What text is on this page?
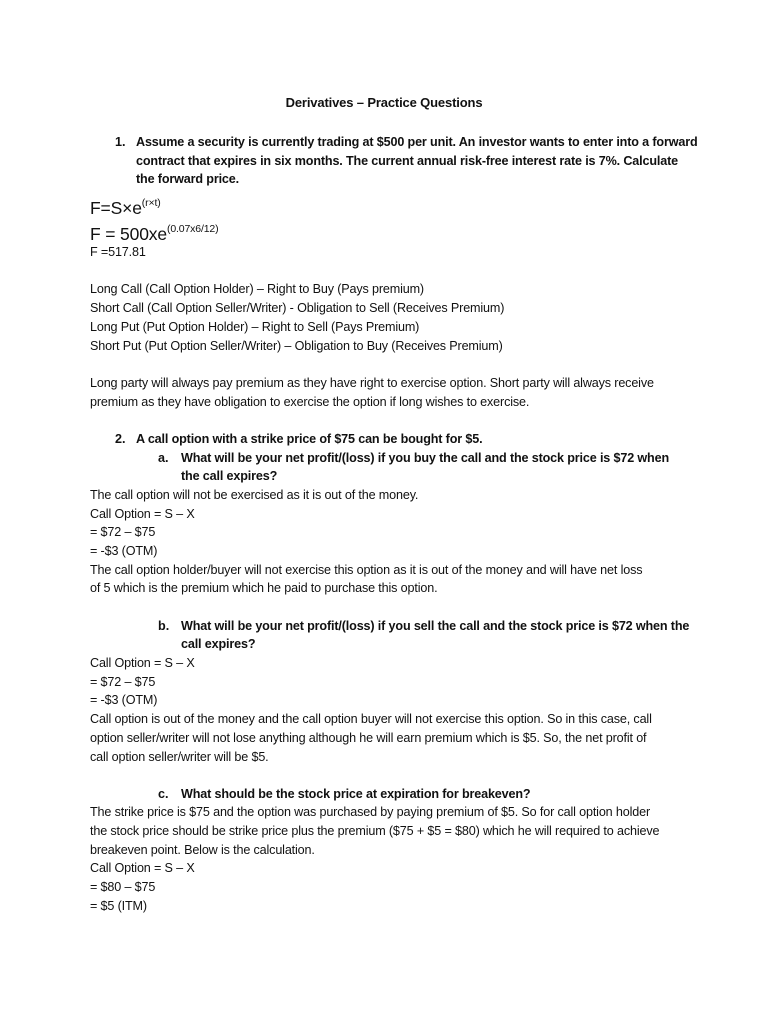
Derivatives – Practice Questions
1. Assume a security is currently trading at $500 per unit. An investor wants to enter into a forward
contract that expires in six months. The current annual risk-free interest rate is 7%. Calculate
the forward price.
$F=S\times e^{(r\times t)}$
$F = 500xe^{(0.07x6/12)}$
F =517.81
Long Call (Call Option Holder) – Right to Buy (Pays premium)
Short Call (Call Option Seller/Writer) - Obligation to Sell (Receives Premium)
Long Put (Put Option Holder) – Right to Sell (Pays Premium)
Short Put (Put Option Seller/Writer) – Obligation to Buy (Receives Premium)
Long party will always pay premium as they have right to exercise option. Short party will always receive
premium as they have obligation to exercise the option if long wishes to exercise.
2. A call option with a strike price of $75 can be bought for $5.
a. What will be your net profit/(loss) if you buy the call and the stock price is $72 when
the call expires?
The call option will not be exercised as it is out of the money.
Call Option = S – X
= $72 – $75
= -$3 (OTM)
The call option holder/buyer will not exercise this option as it is out of the money and will have net loss
of 5 which is the premium which he paid to purchase this option.
b. What will be your net profit/(loss) if you sell the call and the stock price is $72 when the
call expires?
Call Option = S – X
= $72 – $75
= -$3 (OTM)
Call option is out of the money and the call option buyer will not exercise this option. So in this case, call
option seller/writer will not lose anything although he will earn premium which is $5. So, the net profit of
call option seller/writer will be $5.
c. What should be the stock price at expiration for breakeven?
The strike price is $75 and the option was purchased by paying premium of $5. So for call option holder
the stock price should be strike price plus the premium ($75 + $5 = $80) which he will required to achieve
breakeven point. Below is the calculation.
Call Option = S – X
= $80 – $75
= $5 (ITM)
